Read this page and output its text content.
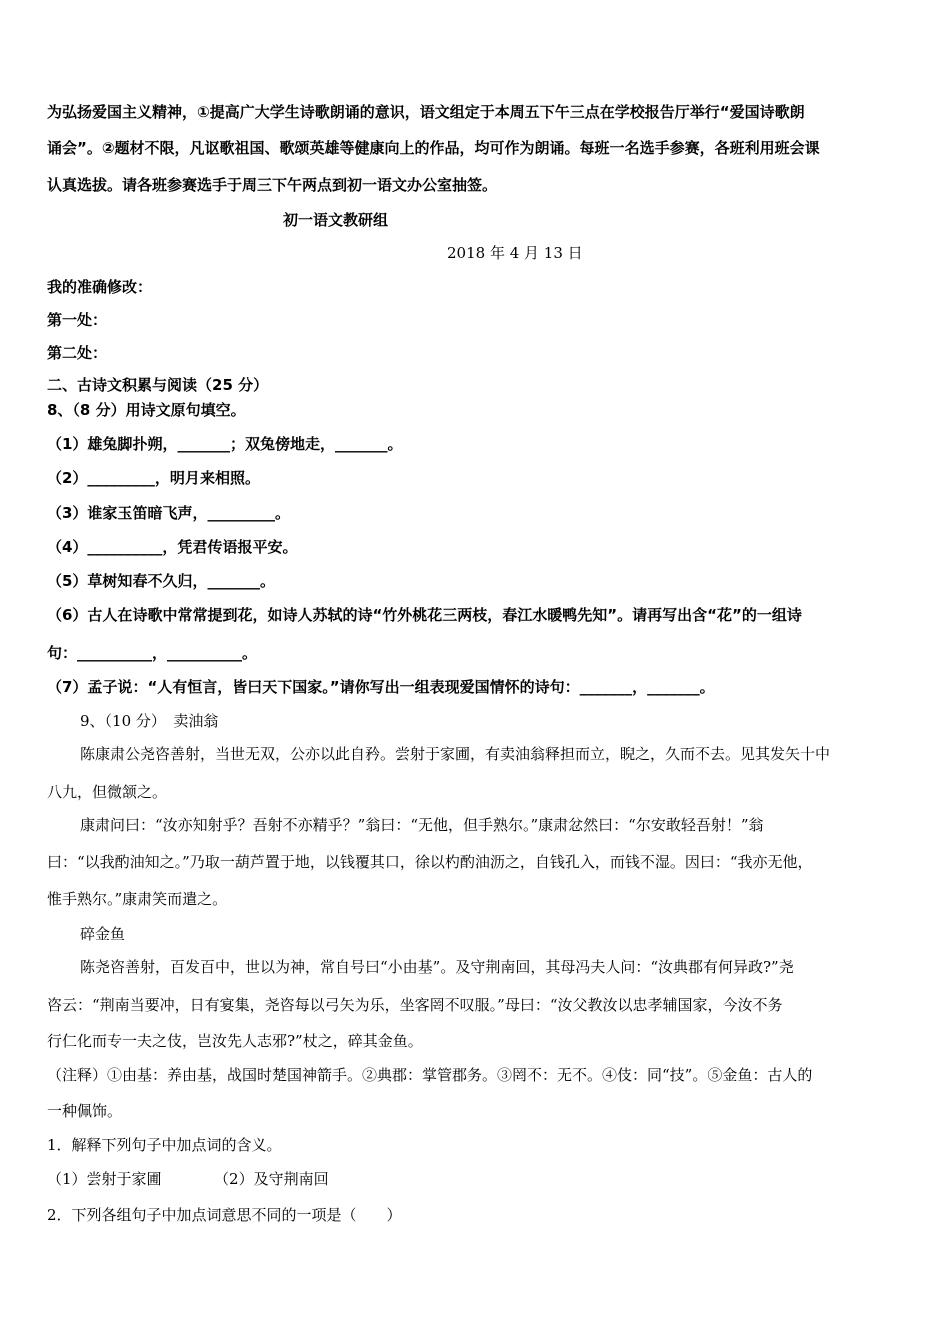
为弘扬爱国主义精神，①提高广大学生诗歌朗诵的意识，语文组定于本周五下午三点在学校报告厅举行“爱国诗歌朗
诵会”。②题材不限，凡讴歌祖国、歌颂英雄等健康向上的作品，均可作为朗诵。每班一名选手参赛，各班利用班会课
认真选拔。请各班参赛选手于周三下午两点到初一语文办公室抽签。
初一语文教研组
2018 年 4 月 13 日
我的准确修改：
第一处：
第二处：
二、古诗文积累与阅读（25 分）
8、（8 分）用诗文原句填空。
（1）雄兔脚扑朔，_______；双兔傍地走，_______。
（2）_________，明月来相照。
（3）谁家玉笛暗飞声，_________。
（4）__________，凭君传语报平安。
（5）草树知春不久归，_______。
（6）古人在诗歌中常常提到花，如诗人苏轼的诗“竹外桃花三两枝，春江水暖鸭先知”。请再写出含“花”的一组诗
句：__________，__________。
（7）孟子说：“人有恒言，皆曰天下国家。”请你写出一组表现爱国情怀的诗句：_______，_______。
9、（10 分）　卖油翁
陈康肃公尧咨善射，当世无双，公亦以此自矜。尝射于家圃，有卖油翁释担而立，睨之，久而不去。见其发矢十中
八九，但微颔之。
康肃问曰：“汝亦知射乎？吾射不亦精乎？”翁曰：“无他，但手熟尔。”康肃忿然曰：“尔安敢轻吾射！”翁
曰：“以我酌油知之。”乃取一葫芦置于地，以钱覆其口，徐以杓酌油沥之，自钱孔入，而钱不湿。因曰：“我亦无他，
惟手熟尔。”康肃笑而遣之。
碎金鱼
陈尧咨善射，百发百中，世以为神，常自号曰“小由基”。及守荆南回，其母冯夫人问：“汝典郡有何异政?”尧
咨云：“荆南当要冲，日有宴集，尧咨每以弓矢为乐，坐客罔不叹服。”母曰：“汝父教汝以忠孝辅国家，今汝不务
行仁化而专一夫之伎，岂汝先人志邪?”杖之，碎其金鱼。
（注释）①由基：养由基，战国时楚国神箭手。②典郡：掌管郡务。③罔不：无不。④伎：同“技”。⑤金鱼：古人的
一种佩饰。
1．解释下列句子中加点词的含义。
（1）尝射于家圃　　　　（2）及守荆南回
2．下列各组句子中加点词意思不同的一项是（　　）
